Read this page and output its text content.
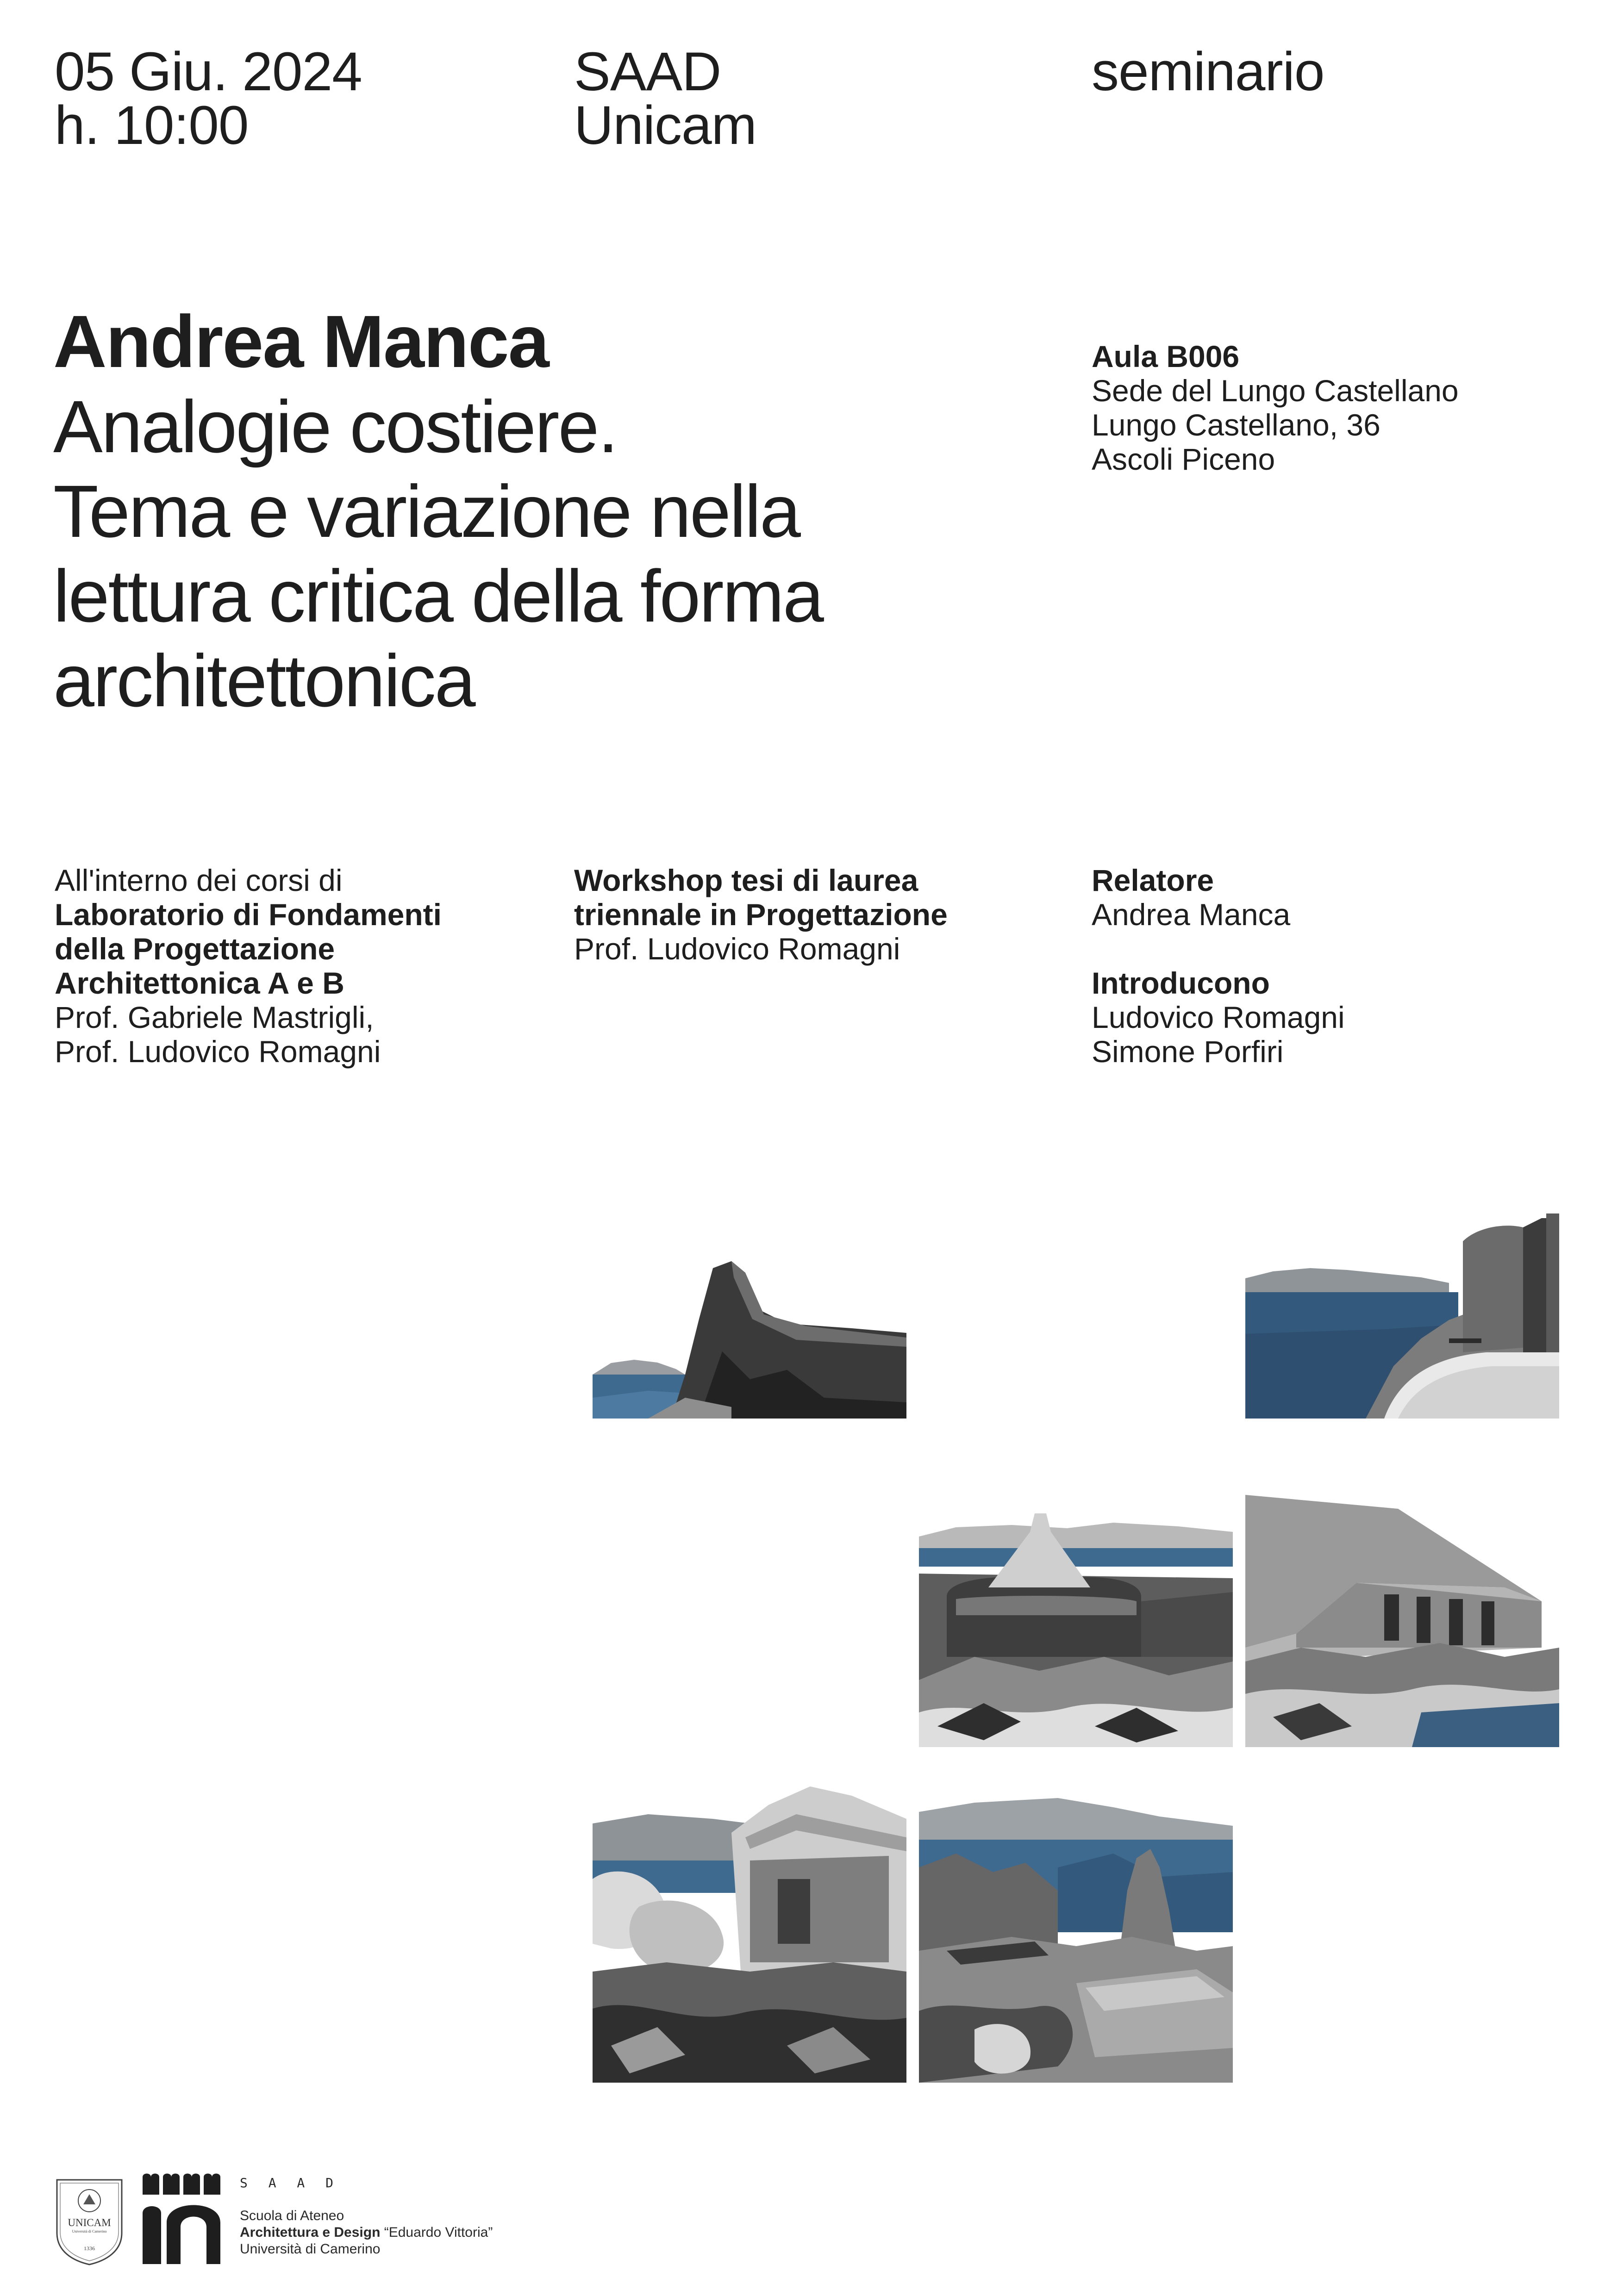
05 Giu. 2024
h. 10:00
SAAD
Unicam
seminario
Andrea Manca
Analogie costiere.
Tema e variazione nella
lettura critica della forma
architettonica
Aula B006
Sede del Lungo Castellano
Lungo Castellano, 36
Ascoli Piceno
All'interno dei corsi di
Laboratorio di Fondamenti
della Progettazione
Architettonica A e B
Prof. Gabriele Mastrigli,
Prof. Ludovico Romagni
Workshop tesi di laurea
triennale in Progettazione
Prof. Ludovico Romagni
Relatore
Andrea Manca
Introducono
Ludovico Romagni
Simone Porfiri
UNICAM
Università di Camerino
1336
S A A D
Scuola di Ateneo
Architettura e Design “Eduardo Vittoria”
Università di Camerino
